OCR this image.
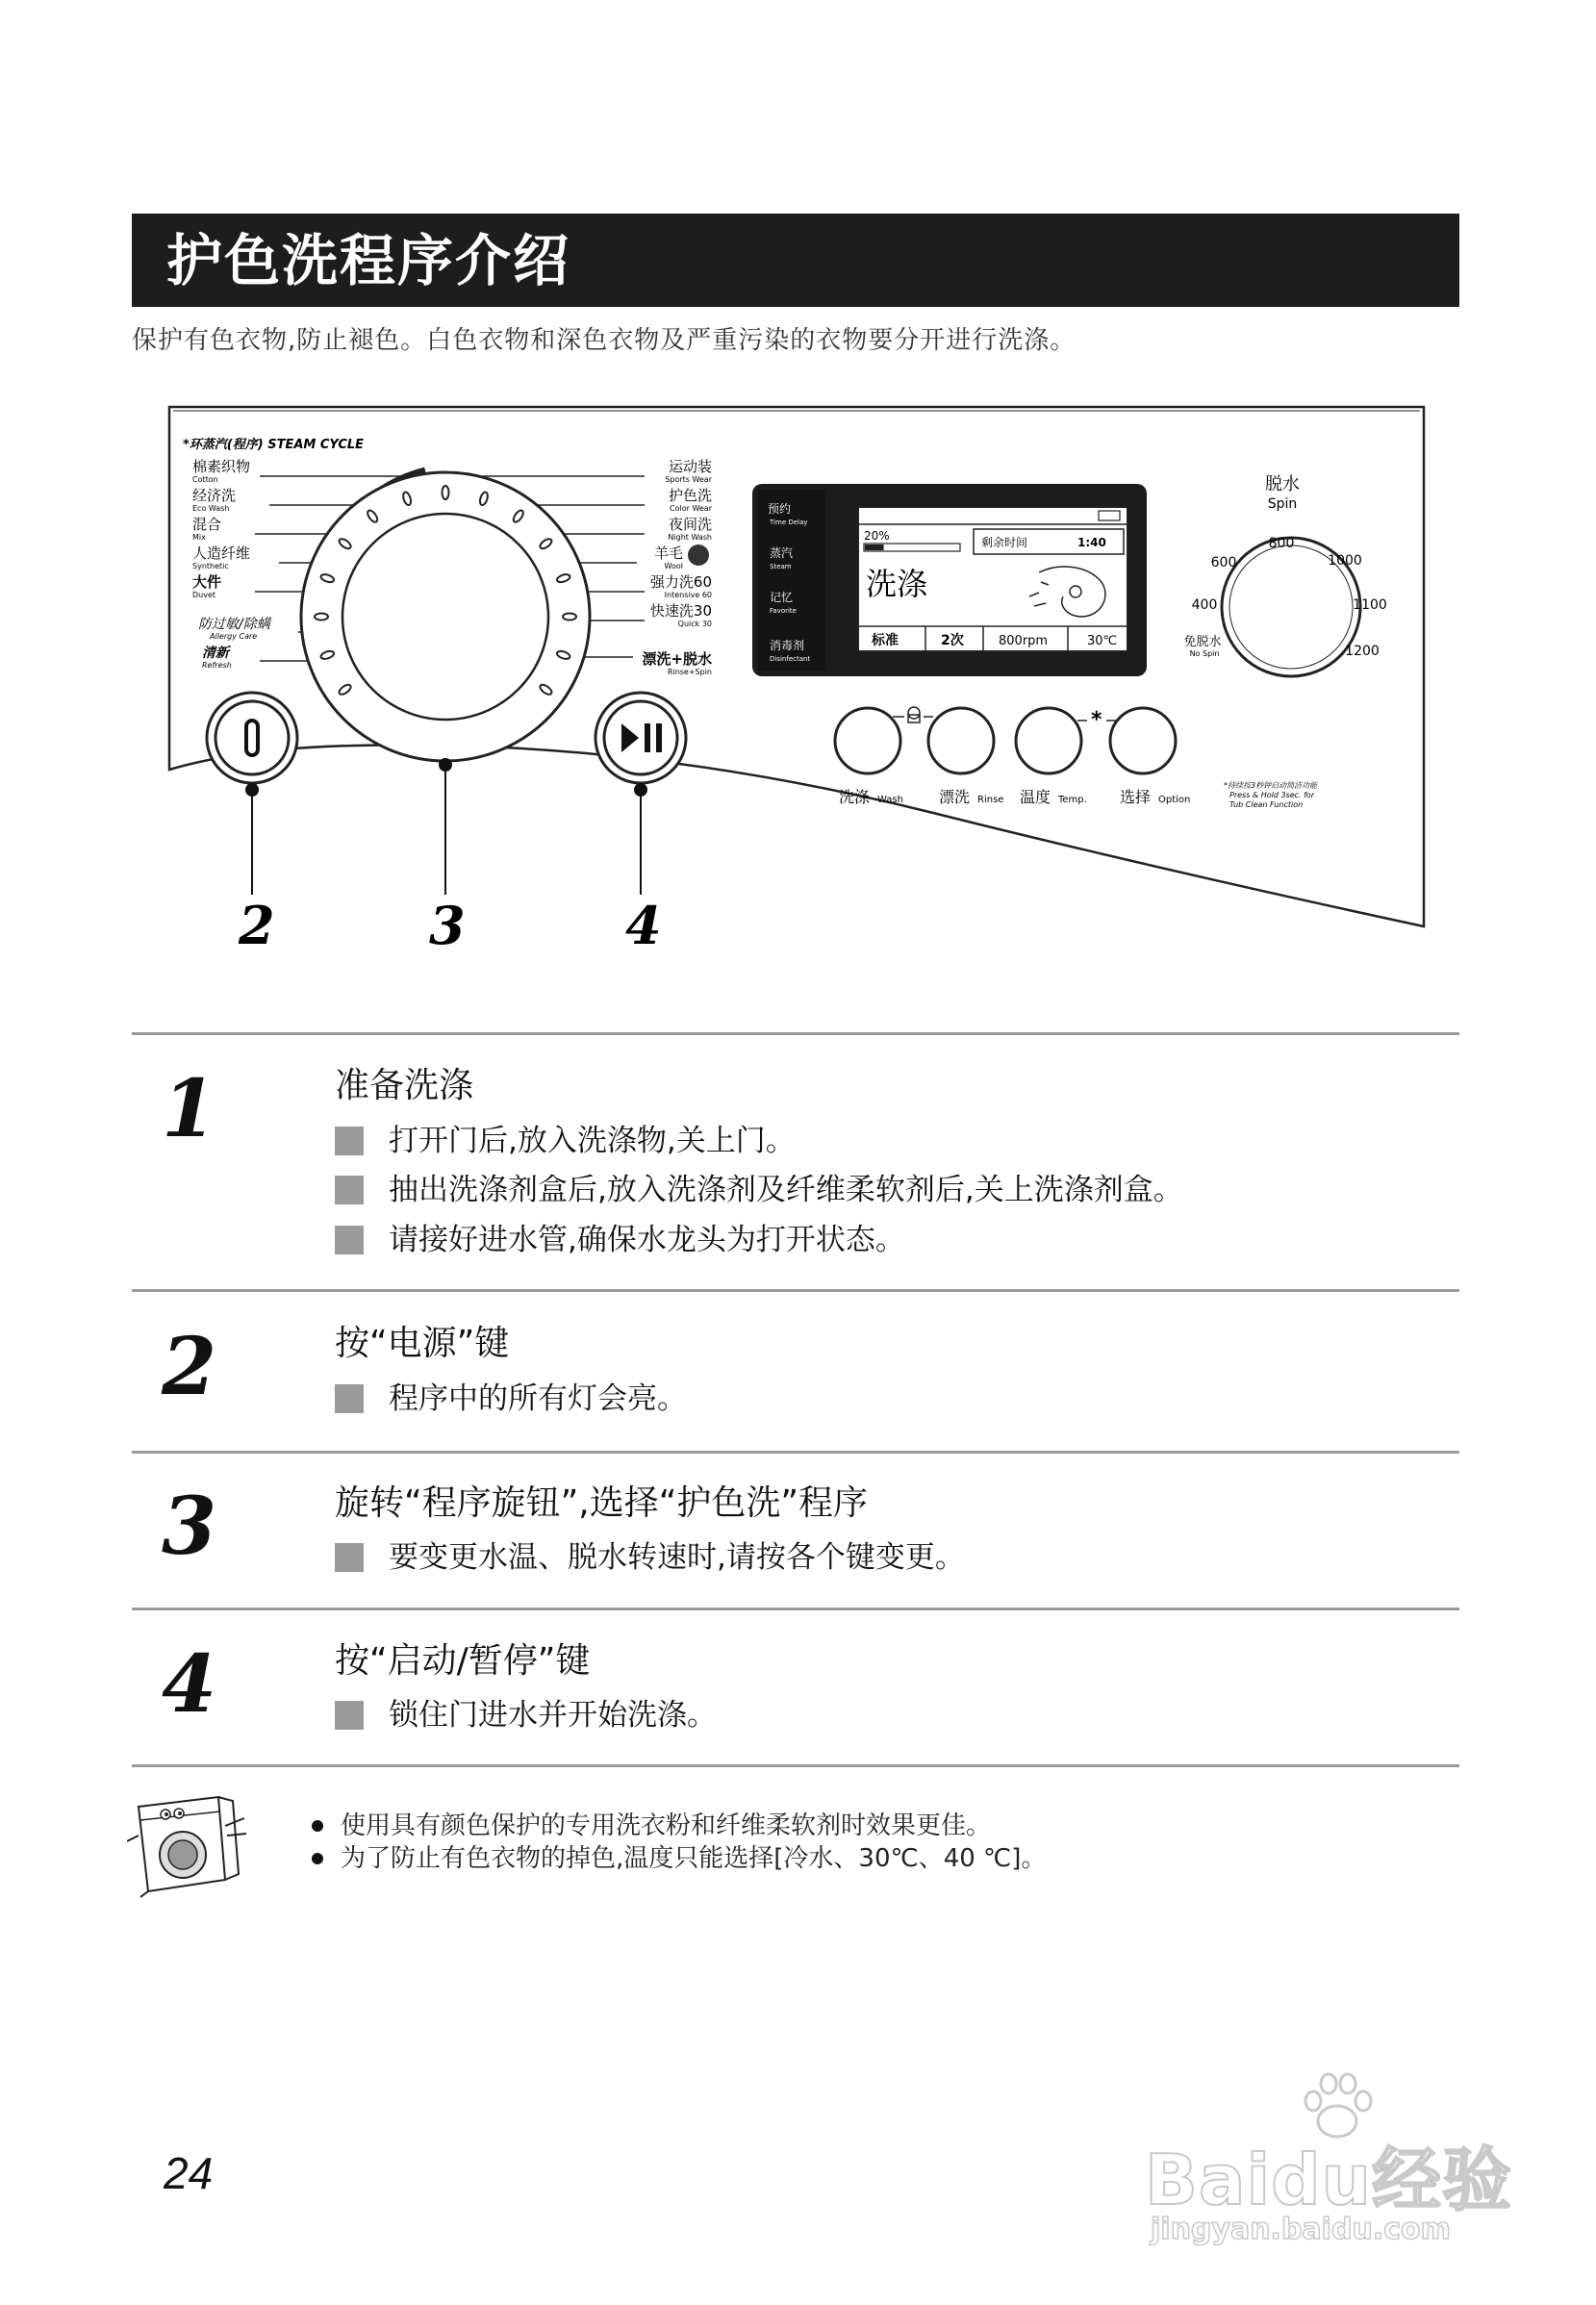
护色洗程序介绍
保护有色衣物,防止褪色。白色衣物和深色衣物及严重污染的衣物要分开进行洗涤。
*环蒸汽(程序) STEAM CYCLE
棉素织物
Cotton
经济洗
Eco Wash
混合
Mix
人造纤维
Synthetic
大件
Duvet
防过敏/除螨
Allergy Care
清新
Refresh
运动装
Sports Wear
护色洗
Color Wear
夜间洗
Night Wash
羊毛
Wool
强力洗60
Intensive 60
快速洗30
Quick 30
漂洗+脱水
Rinse+Spin
2	3	4
预约
Time Delay
蒸汽
Steam
记忆
Favorite
消毒剂
Disinfectant
20%	剩余时间	1:40
洗涤
标准	2次	800rpm	30℃
脱水
Spin
600
800
1000
400	1100
免脱水
No Spin	1200
*
洗涤 Wash 漂洗 Rinse 温度 Temp. 选择 Option
*持续按3秒钟启动筒洁功能
Press & Hold 3sec. for
Tub Clean Function
1	准备洗涤
打开门后,放入洗涤物,关上门。
抽出洗涤剂盒后,放入洗涤剂及纤维柔软剂后,关上洗涤剂盒。
请接好进水管,确保水龙头为打开状态。
2	按“电源”键
程序中的所有灯会亮。
3	旋转“程序旋钮”,选择“护色洗”程序
要变更水温、脱水转速时,请按各个键变更。
4	按“启动/暂停”键
锁住门进水并开始洗涤。
使用具有颜色保护的专用洗衣粉和纤维柔软剂时效果更佳。
为了防止有色衣物的掉色,温度只能选择[冷水、30℃、40 ℃]。
24	Baidu经验
jingyan.baidu.com
